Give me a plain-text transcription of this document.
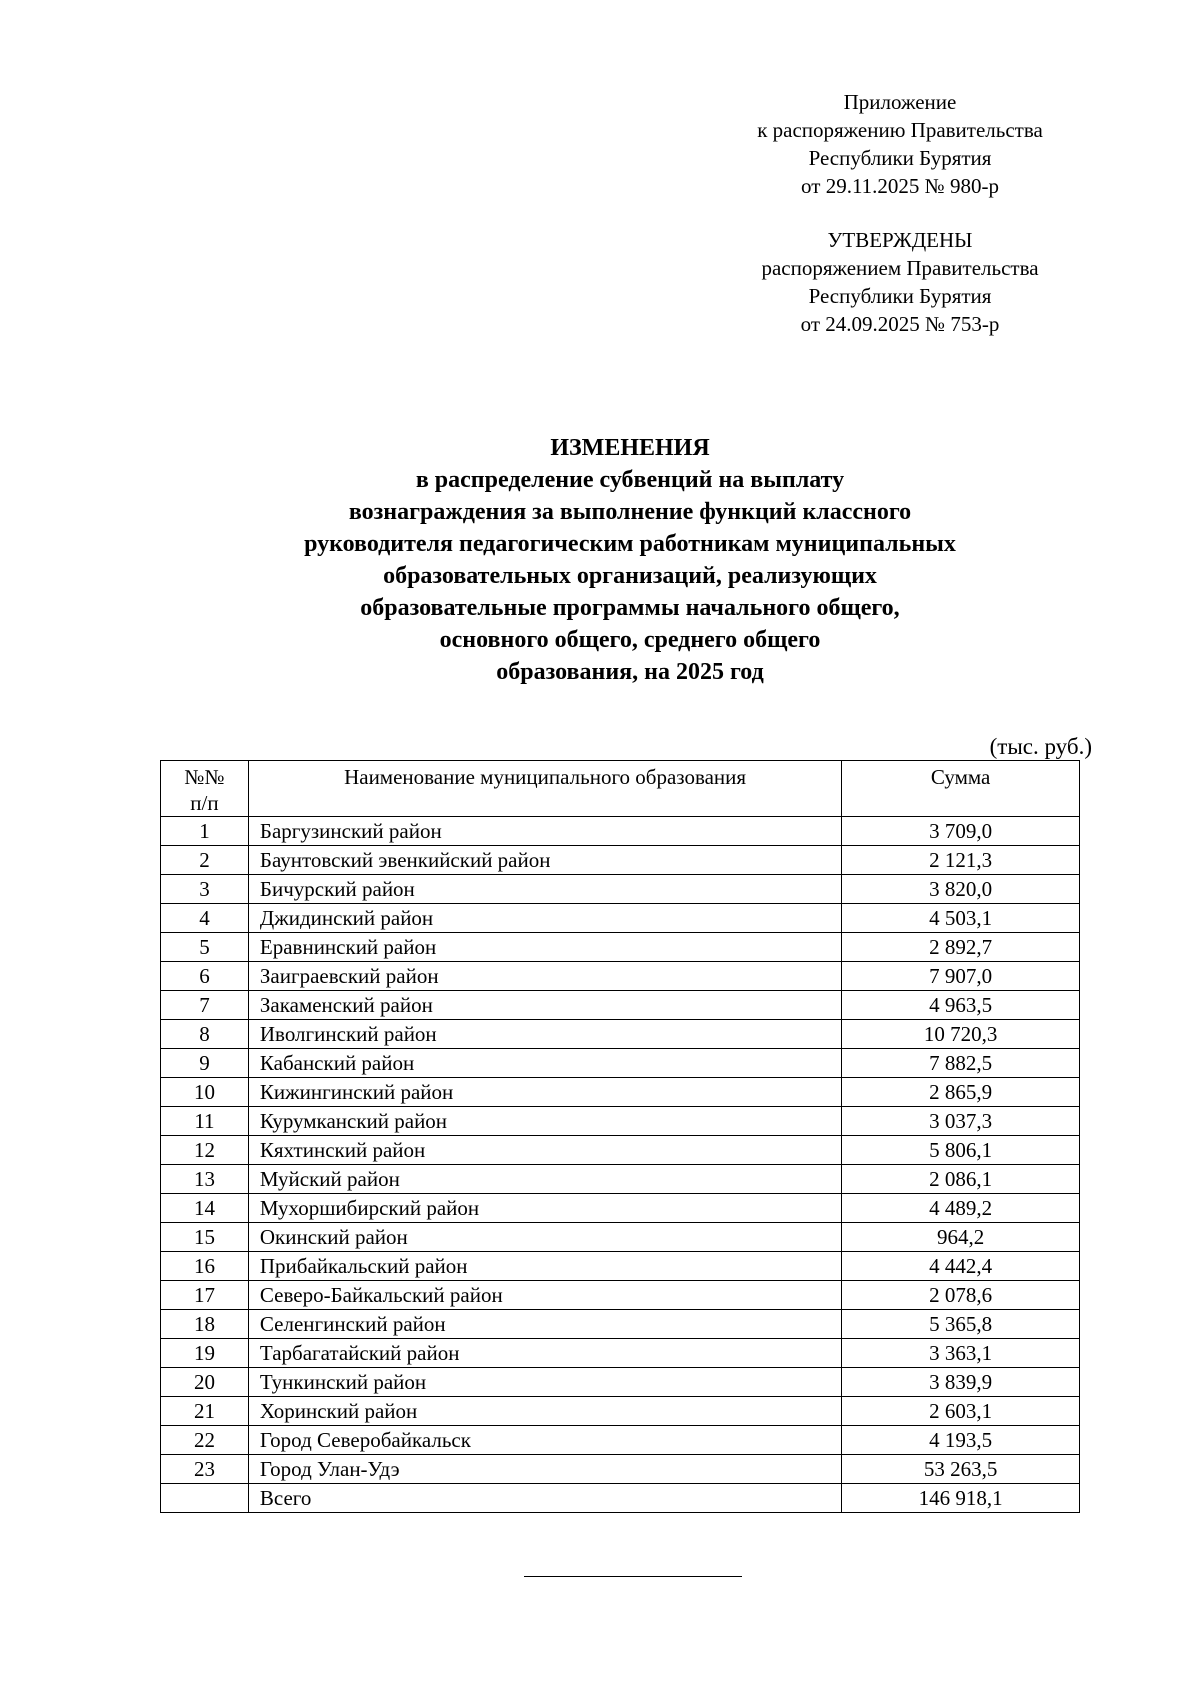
Приложение
к распоряжению Правительства
Республики Бурятия
от 29.11.2025 № 980-р
УТВЕРЖДЕНЫ
распоряжением Правительства
Республики Бурятия
от 24.09.2025 № 753-р
ИЗМЕНЕНИЯ
в распределение субвенций на выплату
вознаграждения за выполнение функций классного
руководителя педагогическим работникам муниципальных
образовательных организаций, реализующих
образовательные программы начального общего,
основного общего, среднего общего
образования, на 2025 год
(тыс. руб.)
№№
п/п	Наименование муниципального образования	Сумма
1	Баргузинский район	3 709,0
2	Баунтовский эвенкийский район	2 121,3
3	Бичурский район	3 820,0
4	Джидинский район	4 503,1
5	Еравнинский район	2 892,7
6	Заиграевский район	7 907,0
7	Закаменский район	4 963,5
8	Иволгинский район	10 720,3
9	Кабанский район	7 882,5
10	Кижингинский район	2 865,9
11	Курумканский район	3 037,3
12	Кяхтинский район	5 806,1
13	Муйский район	2 086,1
14	Мухоршибирский район	4 489,2
15	Окинский район	964,2
16	Прибайкальский район	4 442,4
17	Северо-Байкальский район	2 078,6
18	Селенгинский район	5 365,8
19	Тарбагатайский район	3 363,1
20	Тункинский район	3 839,9
21	Хоринский район	2 603,1
22	Город Северобайкальск	4 193,5
23	Город Улан-Удэ	53 263,5
	Всего	146 918,1
